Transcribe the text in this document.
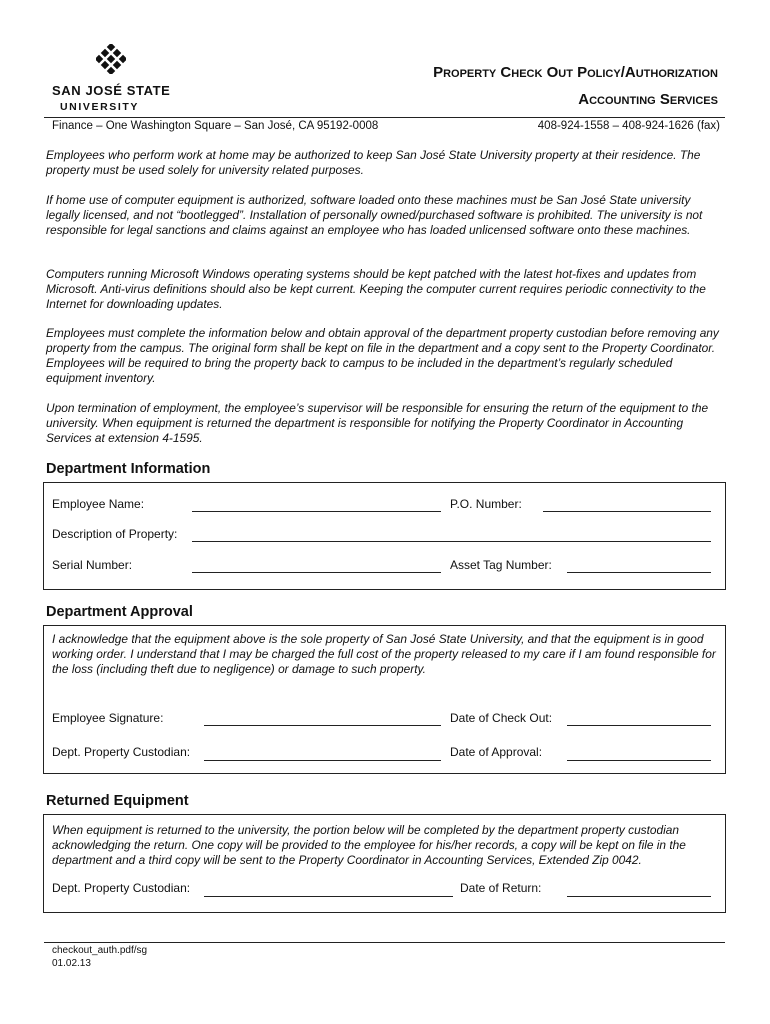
SAN JOSÉ STATE
UNIVERSITY
Property Check Out Policy/Authorization
Accounting Services
Finance – One Washington Square – San José, CA 95192-0008	408-924-1558 – 408-924-1626 (fax)
Employees who perform work at home may be authorized to keep San José State University property at their residence. The property must be used solely for university related purposes.
If home use of computer equipment is authorized, software loaded onto these machines must be San José State university legally licensed, and not “bootlegged”. Installation of personally owned/purchased software is prohibited. The university is not responsible for legal sanctions and claims against an employee who has loaded unlicensed software onto these machines.
Computers running Microsoft Windows operating systems should be kept patched with the latest hot-fixes and updates from Microsoft. Anti-virus definitions should also be kept current. Keeping the computer current requires periodic connectivity to the Internet for downloading updates.
Employees must complete the information below and obtain approval of the department property custodian before removing any property from the campus. The original form shall be kept on file in the department and a copy sent to the Property Coordinator. Employees will be required to bring the property back to campus to be included in the department’s regularly scheduled equipment inventory.
Upon termination of employment, the employee’s supervisor will be responsible for ensuring the return of the equipment to the university. When equipment is returned the department is responsible for notifying the Property Coordinator in Accounting Services at extension 4-1595.
Department Information
Employee Name:	P.O. Number:
Description of Property:
Serial Number:	Asset Tag Number:
Department Approval
I acknowledge that the equipment above is the sole property of San José State University, and that the equipment is in good working order. I understand that I may be charged the full cost of the property released to my care if I am found responsible for the loss (including theft due to negligence) or damage to such property.
Employee Signature:	Date of Check Out:
Dept. Property Custodian:	Date of Approval:
Returned Equipment
When equipment is returned to the university, the portion below will be completed by the department property custodian acknowledging the return. One copy will be provided to the employee for his/her records, a copy will be kept on file in the department and a third copy will be sent to the Property Coordinator in Accounting Services, Extended Zip 0042.
Dept. Property Custodian:	Date of Return:
checkout_auth.pdf/sg
01.02.13
